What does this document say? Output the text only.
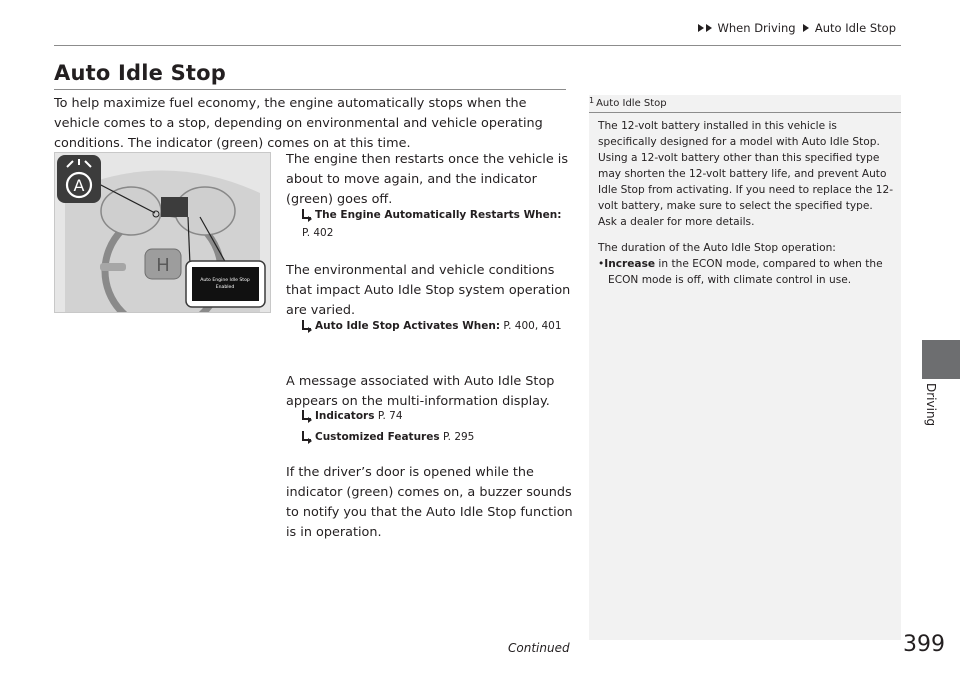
When Driving Auto Idle Stop
Auto Idle Stop

To help maximize fuel economy, the engine automatically stops when the vehicle comes to a stop, depending on environmental and vehicle operating conditions. The indicator (green) comes on at this time.

H
A
Auto Engine Idle Stop
Enabled

The engine then restarts once the vehicle is about to move again, and the indicator (green) goes off.

The Engine Automatically Restarts When:
P. 402

The environmental and vehicle conditions that impact Auto Idle Stop system operation are varied.

Auto Idle Stop Activates When: P. 400, 401

A message associated with Auto Idle Stop appears on the multi-information display.

Indicators P. 74

Customized Features P. 295

If the driver’s door is opened while the indicator (green) comes on, a buzzer sounds to notify you that the Auto Idle Stop function is in operation.

$^1$ Auto Idle Stop

The 12-volt battery installed in this vehicle is specifically designed for a model with Auto Idle Stop. Using a 12-volt battery other than this specified type may shorten the 12-volt battery life, and prevent Auto Idle Stop from activating. If you need to replace the 12-volt battery, make sure to select the specified type. Ask a dealer for more details.

The duration of the Auto Idle Stop operation:

•Increase in the ECON mode, compared to when the ECON mode is off, with climate control in use.

Driving
Continued	399
